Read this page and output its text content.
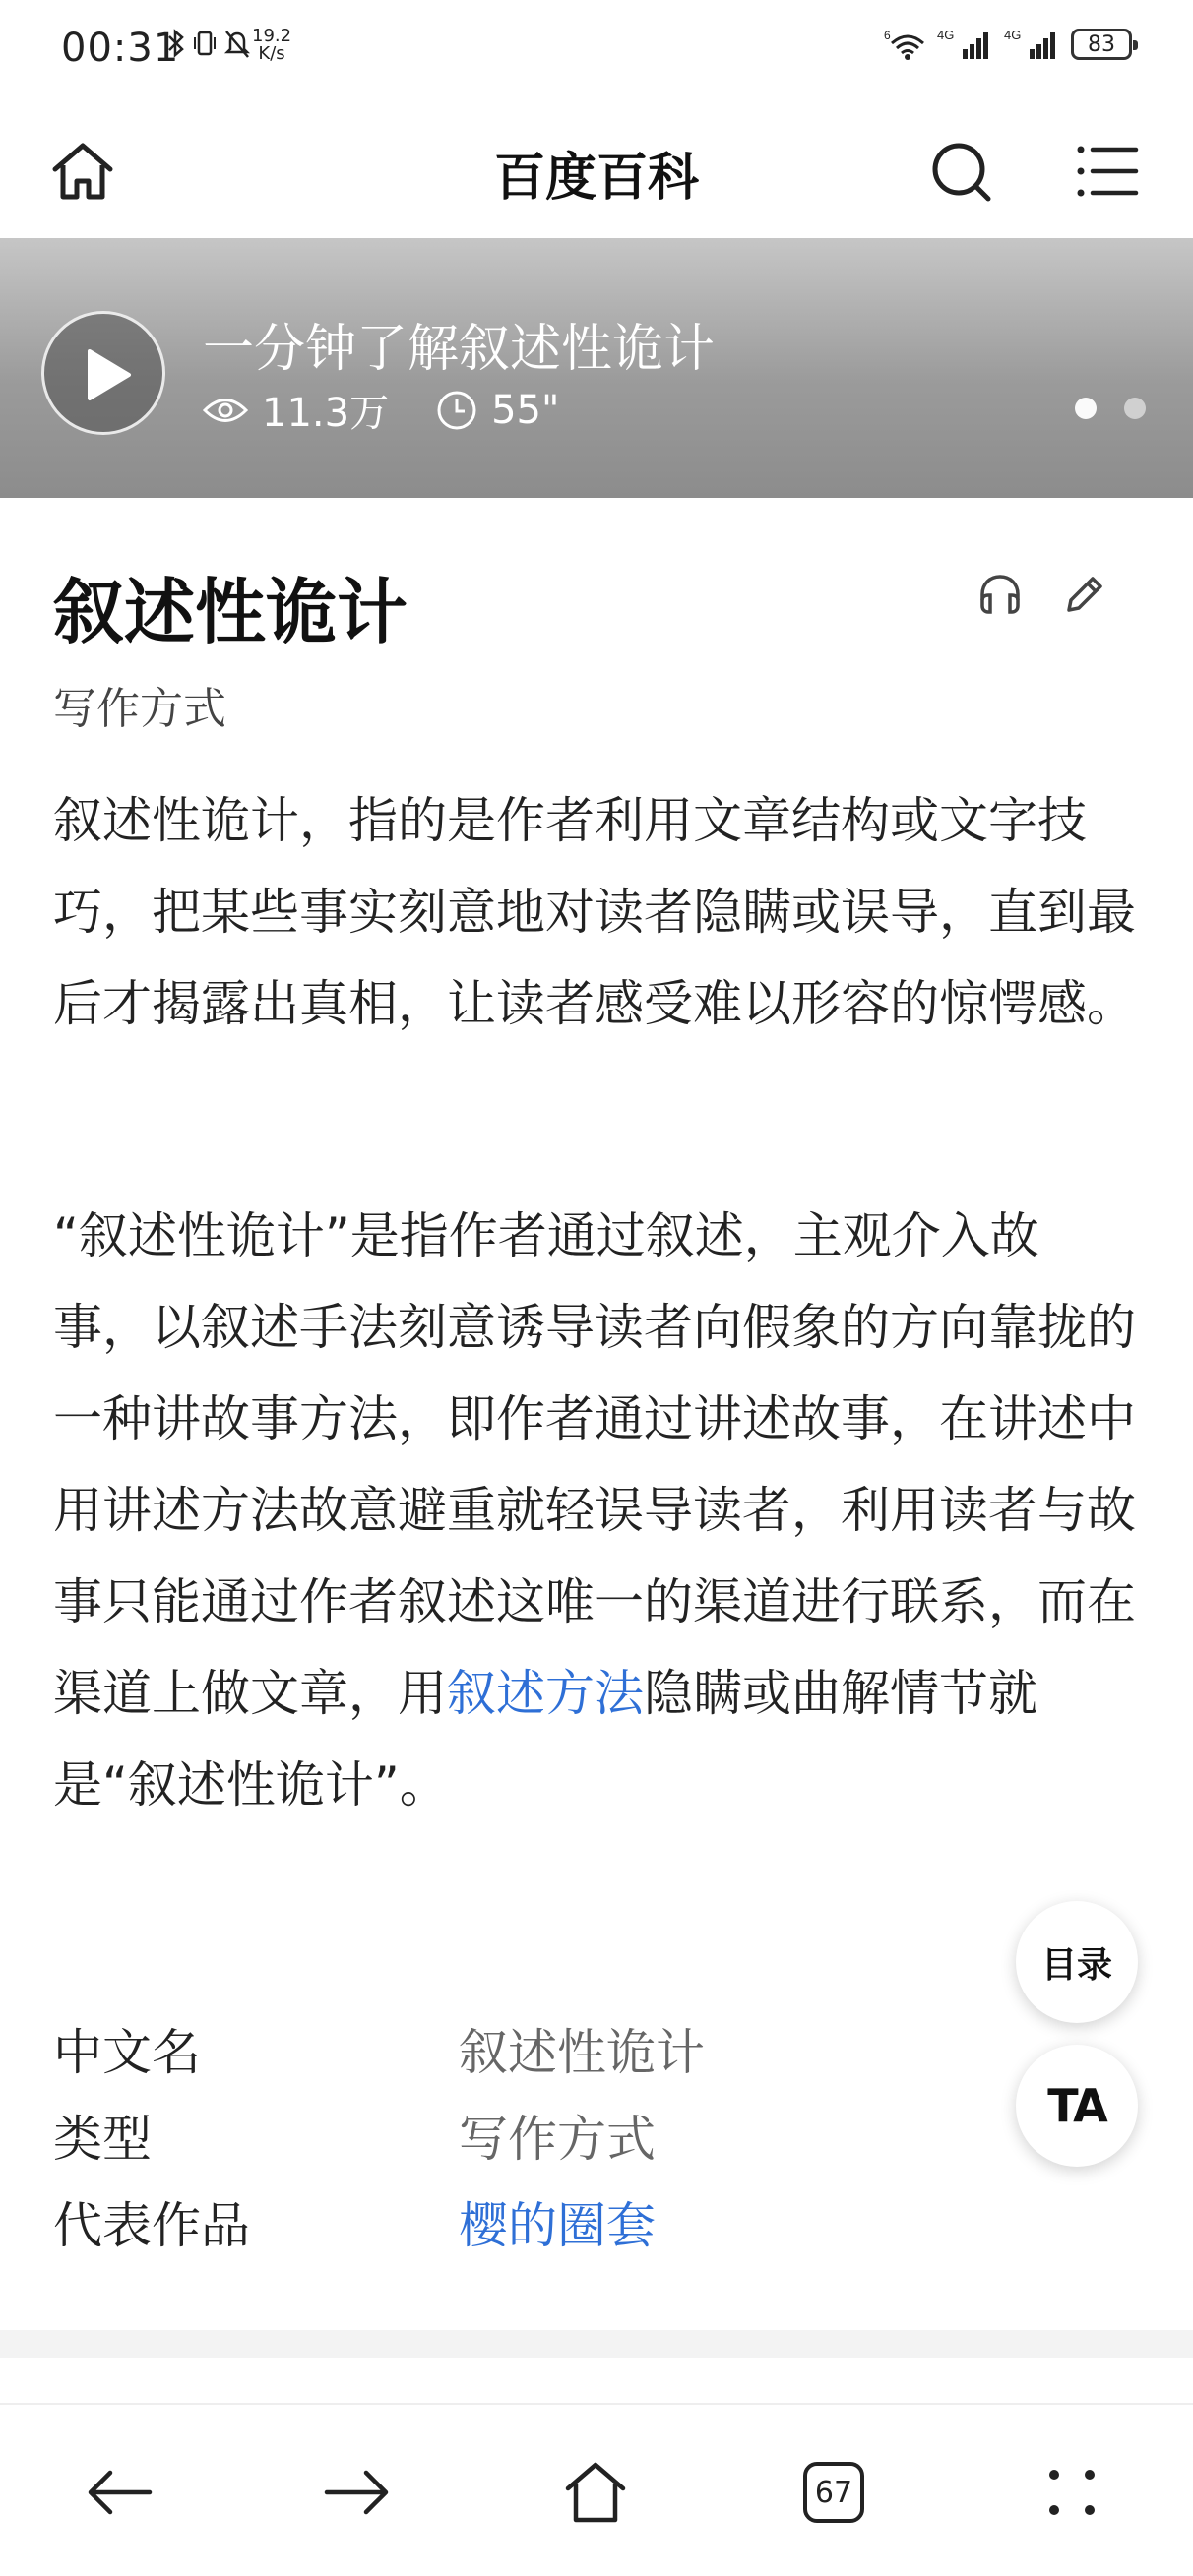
00:31	19.2
K/s
6	4G	4G	83
百度百科
一分钟了解叙述性诡计
11.3万	55"
叙述性诡计
写作方式
叙述性诡计，指的是作者利用文章结构或文字技巧，把某些事实刻意地对读者隐瞒或误导，直到最后才揭露出真相，让读者感受难以形容的惊愕感。
“叙述性诡计”是指作者通过叙述，主观介入故事，以叙述手法刻意诱导读者向假象的方向靠拢的一种讲故事方法，即作者通过讲述故事，在讲述中用讲述方法故意避重就轻误导读者，利用读者与故事只能通过作者叙述这唯一的渠道进行联系，而在渠道上做文章，用叙述方法隐瞒或曲解情节就是“叙述性诡计”。
中文名	叙述性诡计
类型	写作方式
代表作品	樱的圈套
目录
TA
67
